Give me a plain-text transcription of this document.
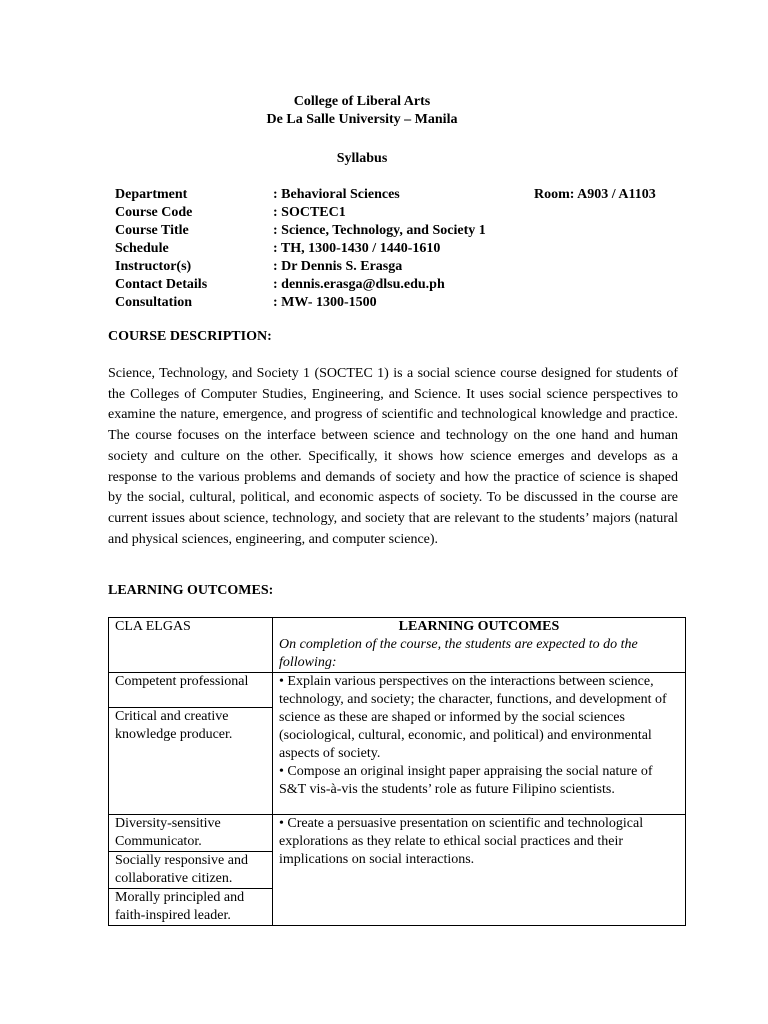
College of Liberal Arts
De La Salle University – Manila
Syllabus
Department	: Behavioral Sciences
Course Code	: SOCTEC1
Course Title	: Science, Technology, and Society 1
Schedule	: TH, 1300-1430 / 1440-1610
Instructor(s)	: Dr Dennis S. Erasga
Contact Details	: dennis.erasga@dlsu.edu.ph
Consultation	: MW- 1300-1500
Room: A903 / A1103
COURSE DESCRIPTION:
Science, Technology, and Society 1 (SOCTEC 1) is a social science course designed for students of the Colleges of Computer Studies, Engineering, and Science. It uses social science perspectives to examine the nature, emergence, and progress of scientific and technological knowledge and practice. The course focuses on the interface between science and technology on the one hand and human society and culture on the other. Specifically, it shows how science emerges and develops as a response to the various problems and demands of society and how the practice of science is shaped by the social, cultural, political, and economic aspects of society. To be discussed in the course are current issues about science, technology, and society that are relevant to the students’ majors (natural and physical sciences, engineering, and computer science).
LEARNING OUTCOMES:
CLA ELGAS	LEARNING OUTCOMES
On completion of the course, the students are expected to do the following:

Competent professional	• Explain various perspectives on the interactions between science, technology, and society; the character, functions, and development of science as these are shaped or informed by the social sciences (sociological, cultural, economic, and political) and environmental aspects of society.

• Compose an original insight paper appraising the social nature of S&T vis-à-vis the students’ role as future Filipino scientists.

Critical and creative knowledge producer.	
Diversity-sensitive Communicator.	• Create a persuasive presentation on scientific and technological explorations as they relate to ethical social practices and their implications on social interactions.

Socially responsive and collaborative citizen.	
Morally principled and faith-inspired leader.	
